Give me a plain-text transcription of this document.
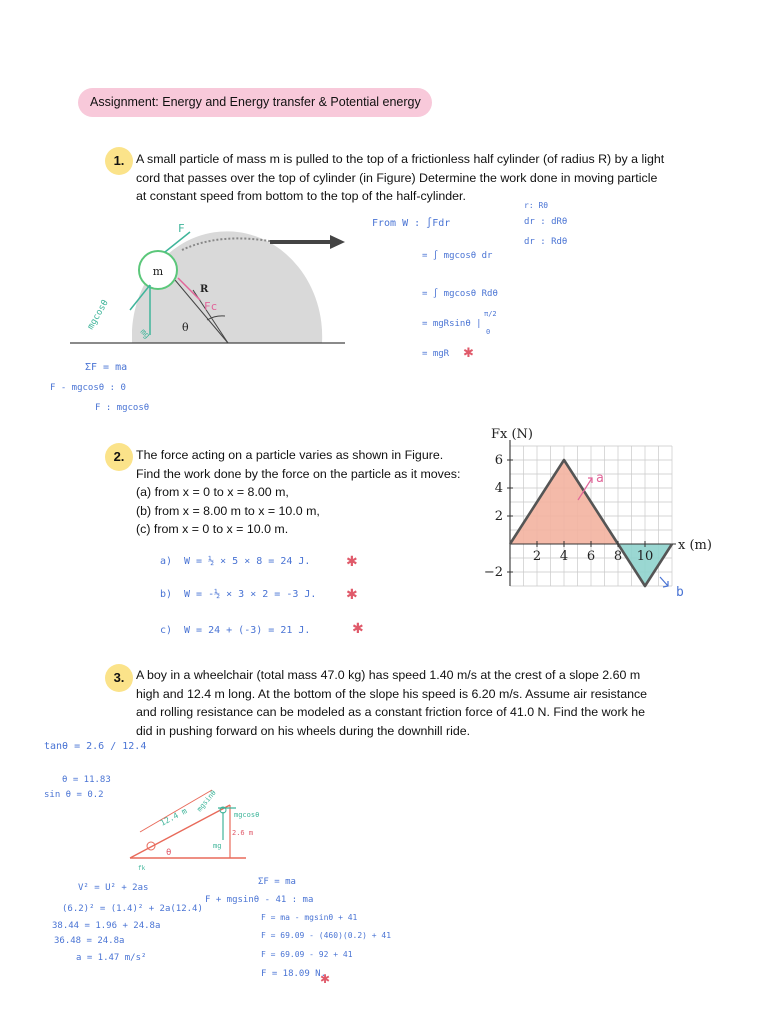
Assignment: Energy and Energy transfer & Potential energy
1. A small particle of mass m is pulled to the top of a frictionless half cylinder (of radius R) by a light
cord that passes over the top of cylinder (in Figure) Determine the work done in moving particle
at constant speed from bottom to the top of the half-cylinder.
m
R
θ
F
Fc
mgcosθ
mg
ΣF = ma
F - mgcosθ : 0
F : mgcosθ
r: Rθ
dr : dRθ
dr : Rdθ
From W : ∫Fdr
= ∫ mgcosθ dr
= ∫ mgcosθ Rdθ
= mgRsinθ |
π/2
0
= mgR ✱
2. The force acting on a particle varies as shown in Figure.
Find the work done by the force on the particle as it moves:
(a) from x = 0 to x = 8.00 m,
(b) from x = 8.00 m to x = 10.0 m,
(c) from x = 0 to x = 10.0 m.
a) W = ½ × 5 × 8 = 24 J.
b) W = -½ × 3 × 2 = -3 J.
c) W = 24 + (-3) = 21 J.
✱
✱
✱
2 4 6 8 10
6
4
2
−2
Fx (N)
x (m)
a
b
3. A boy in a wheelchair (total mass 47.0 kg) has speed 1.40 m/s at the crest of a slope 2.60 m
high and 12.4 m long. At the bottom of the slope his speed is 6.20 m/s. Assume air resistance
and rolling resistance can be modeled as a constant friction force of 41.0 N. Find the work he
did in pushing forward on his wheels during the downhill ride.
tanθ = 2.6 / 12.4
θ = 11.83
sin θ = 0.2
12.4 m
mgsinθ
mgcosθ
2.6 m
mg
θ
fk
V² = U² + 2as
(6.2)² = (1.4)² + 2a(12.4)
38.44 = 1.96 + 24.8a
36.48 = 24.8a
a = 1.47 m/s²
ΣF = ma
F + mgsinθ - 41 : ma
F = ma - mgsinθ + 41
F = 69.09 - (460)(0.2) + 41
F = 69.09 - 92 + 41
F = 18.09 N.
✱
